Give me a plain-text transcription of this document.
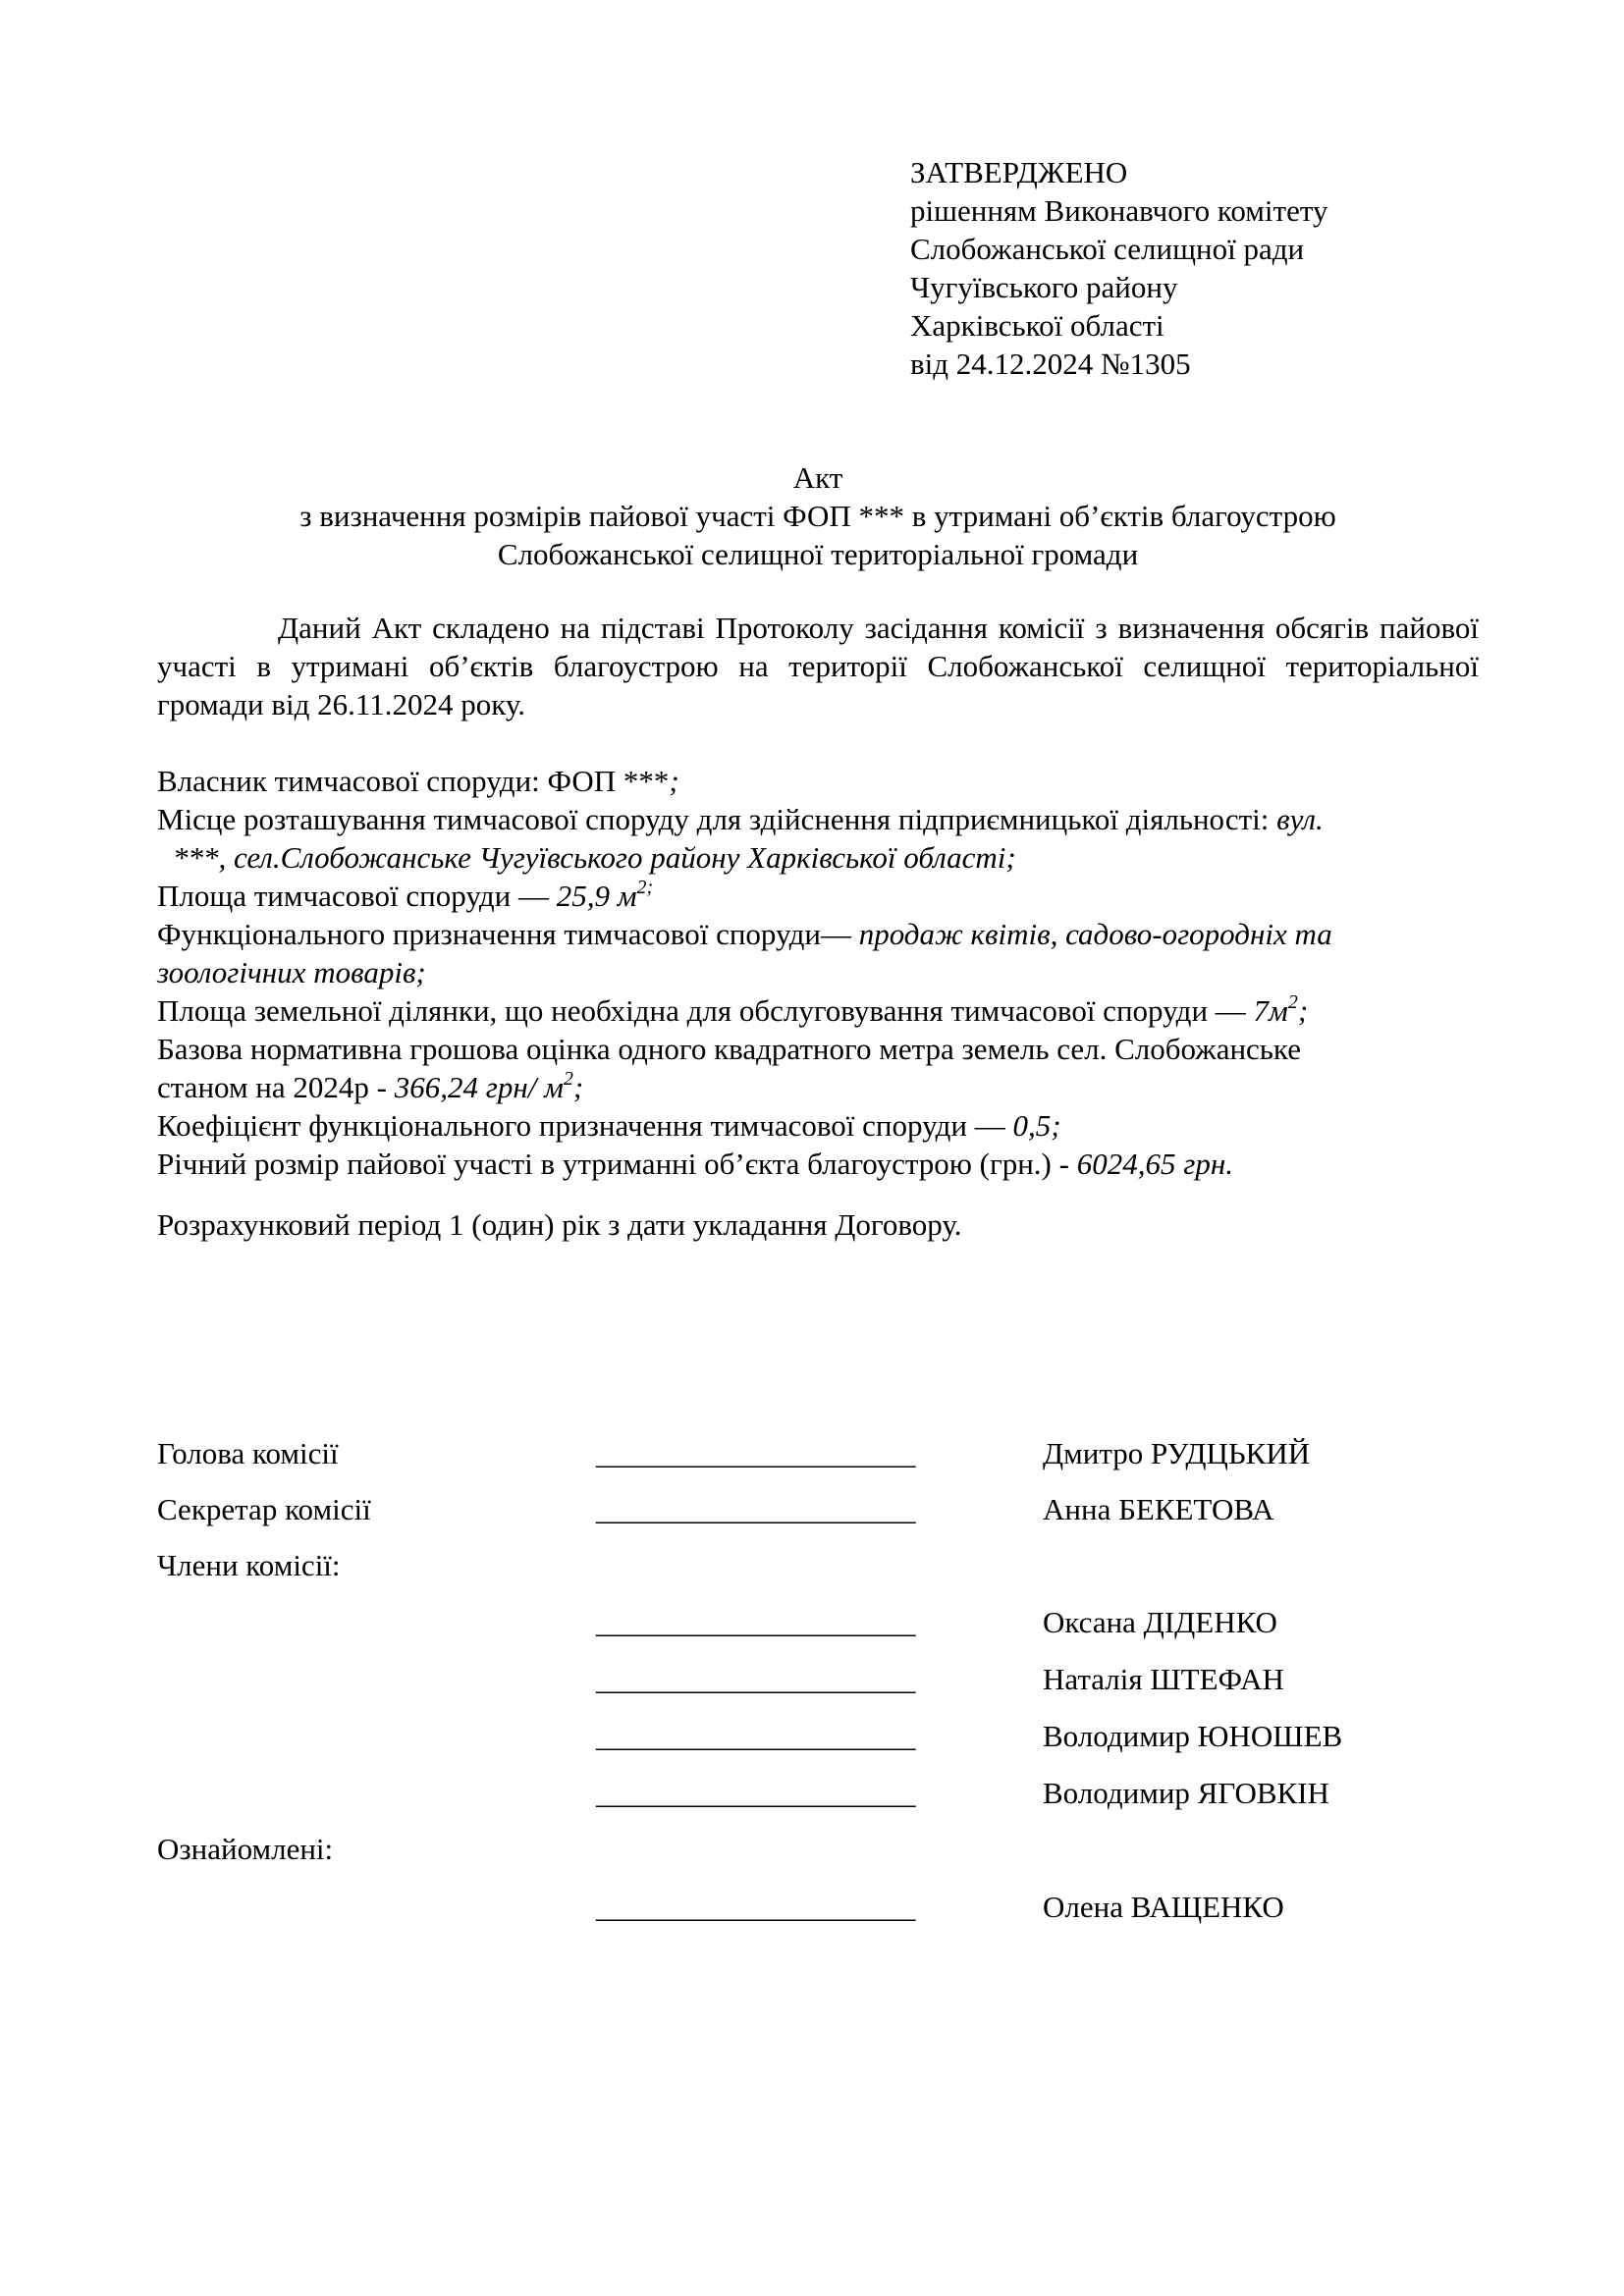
ЗАТВЕРДЖЕНО
рішенням Виконавчого комітету
Слобожанської селищної ради
Чугуївського району
Харківської області
від 24.12.2024 №1305
Акт
з визначення розмірів пайової участі ФОП *** в утримані об’єктів благоустрою
Слобожанської селищної територіальної громади
Даний Акт складено на підставі Протоколу засідання комісії з визначення обсягів пайової участі в утримані об’єктів благоустрою на території Слобожанської селищної територіальної громади від 26.11.2024 року.
Власник тимчасової споруди: ФОП ***;
Місце розташування тимчасової споруду для здійснення підприємницької діяльності: вул.
***, сел.Слобожанське Чугуївського району Харківської області;
Площа тимчасової споруди — 25,9 $м^{2;}$
Функціонального призначення тимчасової споруди— продаж квітів, садово-огородніх та
зоологічних товарів;
Площа земельної ділянки, що необхідна для обслуговування тимчасової споруди — $7м^2$;
Базова нормативна грошова оцінка одного квадратного метра земель сел. Слобожанське
станом на 2024р - 366,24 грн/ $м^2$;
Коефіцієнт функціонального призначення тимчасової споруди — 0,5;
Річний розмір пайової участі в утриманні об’єкта благоустрою (грн.) - 6024,65 грн.
Розрахунковий період 1 (один) рік з дати укладання Договору.
Голова комісії	_____________________	Дмитро РУДЦЬКИЙ
Секретар комісії	_____________________	Анна БЕКЕТОВА
Члени комісії:
_____________________	Оксана ДІДЕНКО
_____________________	Наталія ШТЕФАН
_____________________	Володимир ЮНОШЕВ
_____________________	Володимир ЯГОВКІН
Ознайомлені:
_____________________	Олена ВАЩЕНКО
